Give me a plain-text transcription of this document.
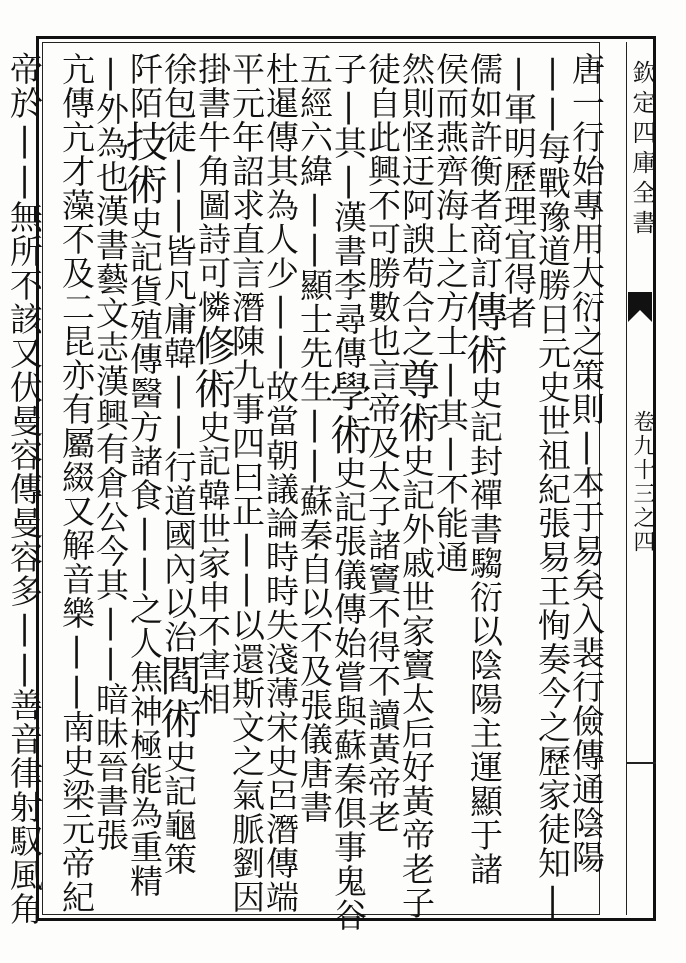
欽定四庫全書
卷九十三之四
唐一行始專用大衍之策則|本于易矣入裴行儉傳通陰陽
||每戰豫道勝日元史世祖紀張易王恂奏今之歷家徒知|
|軍明歷理宜得者
儒如許衡者商訂傳術史記封禪書騶衍以陰陽主運顯于諸
侯而燕齊海上之方士|其|不能通
然則怪迂阿諛苟合之尊術史記外戚世家竇太后好黃帝老子
徒自此興不可勝數也言帝及太子諸竇不得不讀黃帝老
子|其|漢書李尋傳學術史記張儀傳始嘗與蘇秦俱事鬼谷
五經六緯||顯士先生||蘇秦自以不及張儀唐書
杜暹傳其為人少||故當朝議論時時失淺薄宋史呂潛傳端
平元年詔求直言潛陳九事四曰正||以還斯文之氣脈劉因
掛書牛角圖詩可憐修術史記韓世家申不害相
徐包徒||皆凡庸韓||行道國內以治閻術史記龜策
阡陌技術史記貨殖傳醫方諸食||之人焦神極能為重精
|外為也漢書藝文志漢興有倉公今其||暗昧晉書張
亢傳亢才藻不及二昆亦有屬綴又解音樂||南史梁元帝紀
帝於||無所不該又伏曼容傳曼容多||善音律射馭風角
